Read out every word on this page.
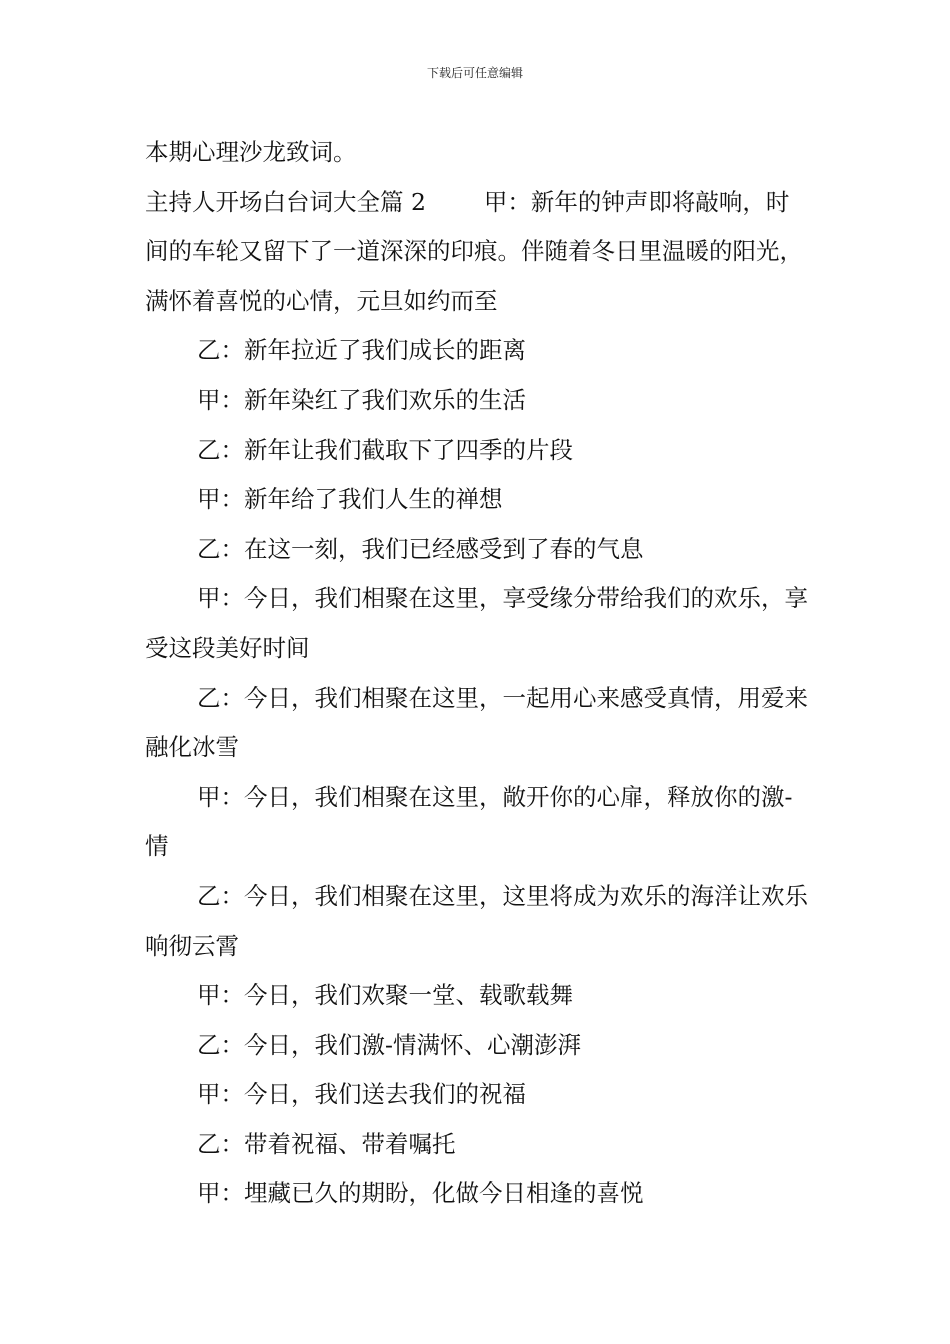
下载后可任意编辑

本期心理沙龙致词。

主持人开场白台词大全篇 2 甲：新年的钟声即将敲响，时间的车轮又留下了一道深深的印痕。伴随着冬日里温暖的阳光，满怀着喜悦的心情，元旦如约而至

乙：新年拉近了我们成长的距离

甲：新年染红了我们欢乐的生活

乙：新年让我们截取下了四季的片段

甲：新年给了我们人生的禅想

乙：在这一刻，我们已经感受到了春的气息

甲：今日，我们相聚在这里，享受缘分带给我们的欢乐，享受这段美好时间

乙：今日，我们相聚在这里，一起用心来感受真情，用爱来融化冰雪

甲：今日，我们相聚在这里，敞开你的心扉，释放你的激-情

乙：今日，我们相聚在这里，这里将成为欢乐的海洋让欢乐响彻云霄

甲：今日，我们欢聚一堂、载歌载舞

乙：今日，我们激-情满怀、心潮澎湃

甲：今日，我们送去我们的祝福

乙：带着祝福、带着嘱托

甲：埋藏已久的期盼，化做今日相逢的喜悦
